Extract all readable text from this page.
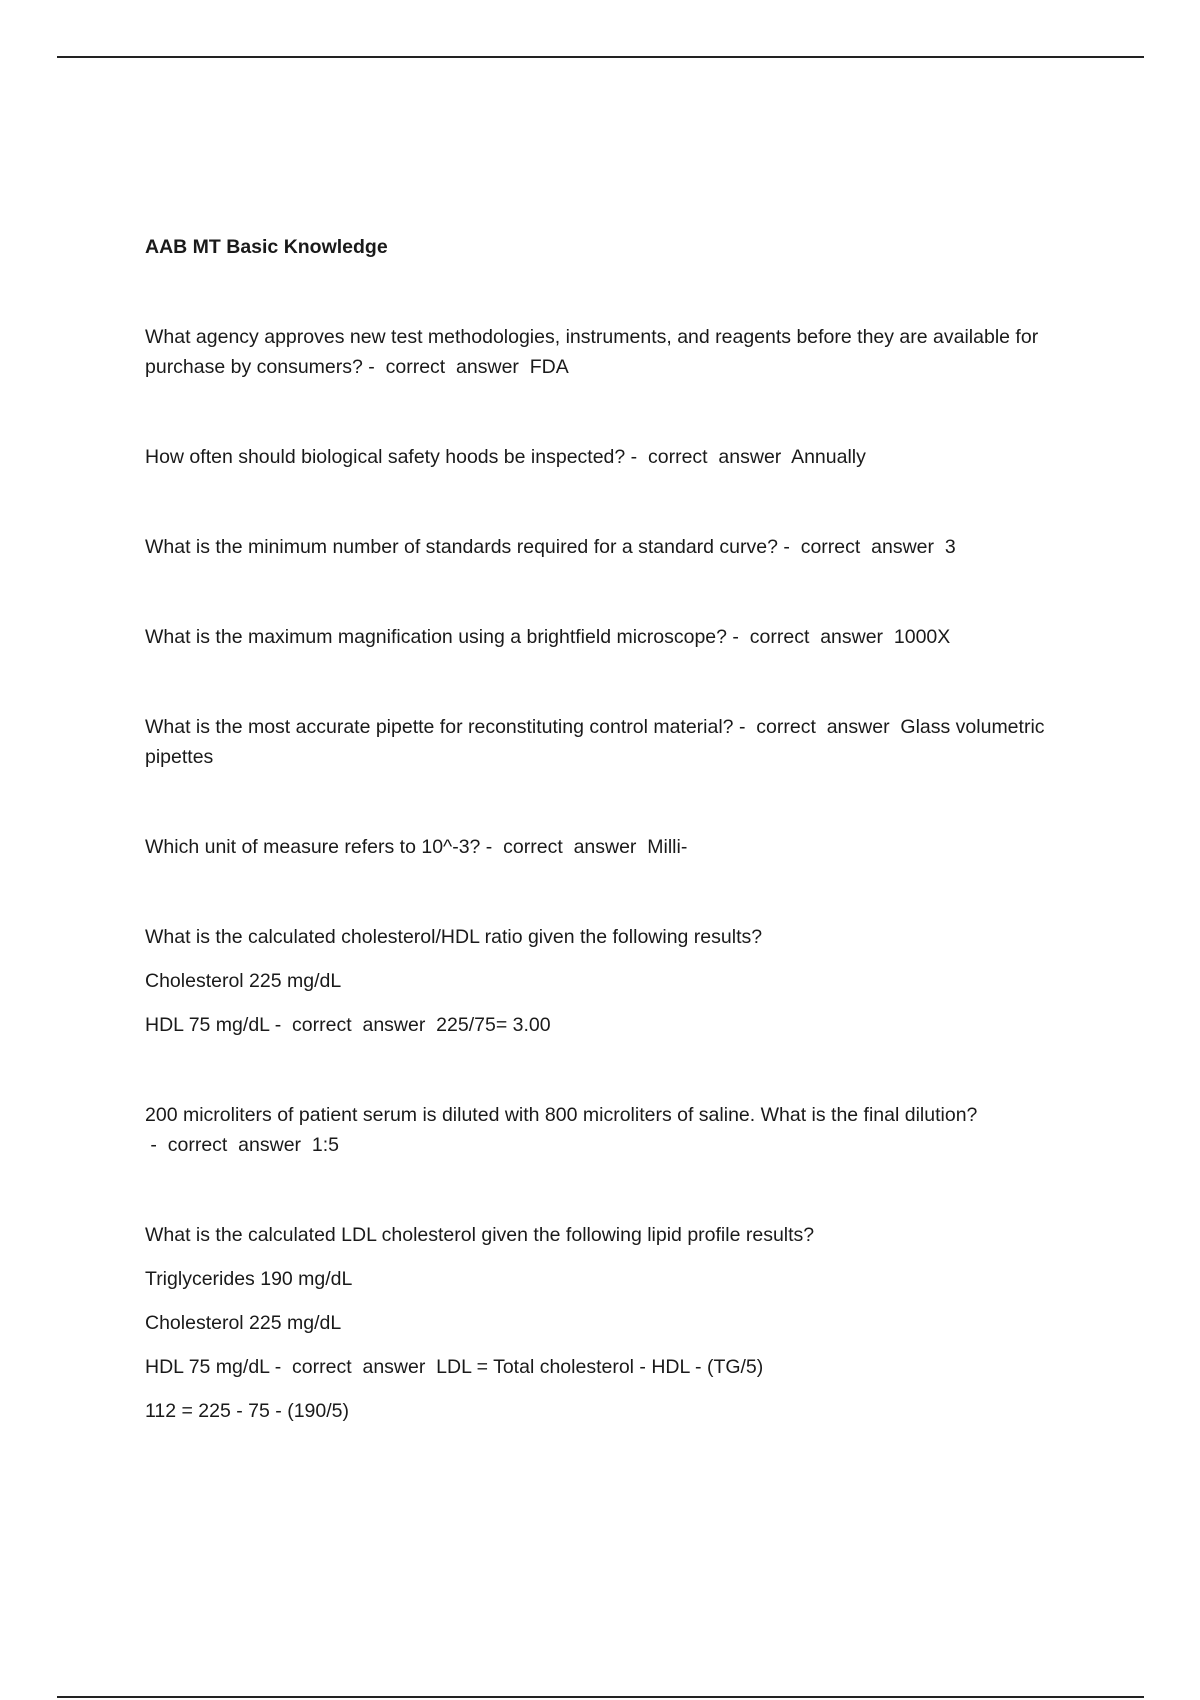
AAB MT Basic Knowledge
What agency approves new test methodologies, instruments, and reagents before they are available for purchase by consumers? -  correct  answer  FDA
How often should biological safety hoods be inspected? -  correct  answer  Annually
What is the minimum number of standards required for a standard curve? -  correct  answer  3
What is the maximum magnification using a brightfield microscope? -  correct  answer  1000X
What is the most accurate pipette for reconstituting control material? -  correct  answer  Glass volumetric pipettes
Which unit of measure refers to 10^-3? -  correct  answer  Milli-
What is the calculated cholesterol/HDL ratio given the following results?
Cholesterol 225 mg/dL
HDL 75 mg/dL -  correct  answer  225/75= 3.00
200 microliters of patient serum is diluted with 800 microliters of saline. What is the final dilution? -  correct  answer  1:5
What is the calculated LDL cholesterol given the following lipid profile results?
Triglycerides 190 mg/dL
Cholesterol 225 mg/dL
HDL 75 mg/dL -  correct  answer  LDL = Total cholesterol - HDL - (TG/5)
112 = 225 - 75 - (190/5)
